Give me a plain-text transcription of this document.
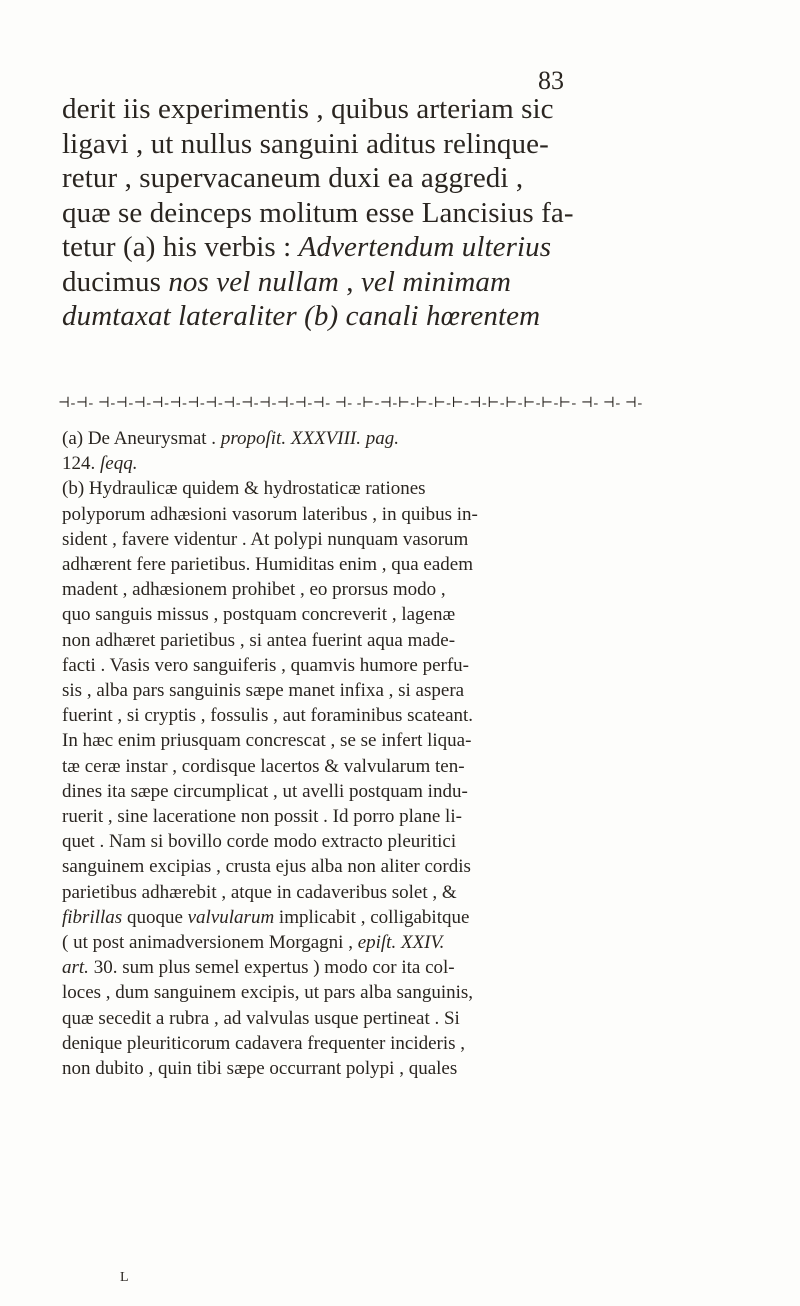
83
derit iis experimentis , quibus arteriam sic
ligavi , ut nullus sanguini aditus relinque-
retur , supervacaneum duxi ea aggredi ,
quæ se deinceps molitum esse Lancisius fa-
tetur (a) his verbis : Advertendum ulterius
ducimus nos vel nullam , vel minimam
dumtaxat lateraliter (b) canali hœrentem
⊣-⊣- ⊣-⊣-⊣-⊣-⊣-⊣-⊣-⊣-⊣-⊣-⊣-⊣-⊣- ⊣- -⊢-⊣-⊢-⊢-⊢-⊢-⊣-⊢-⊢-⊢-⊢-⊢- ⊣- ⊣- ⊣-
(a) De Aneurysmat . propoſit. XXXVIII. pag.
124. ſeqq.
(b) Hydraulicæ quidem & hydrostaticæ rationes
polyporum adhæsioni vasorum lateribus , in quibus in-
sident , favere videntur . At polypi nunquam vasorum
adhærent fere parietibus. Humiditas enim , qua eadem
madent , adhæsionem prohibet , eo prorsus modo ,
quo sanguis missus , postquam concreverit , lagenæ
non adhæret parietibus , si antea fuerint aqua made-
facti . Vasis vero sanguiferis , quamvis humore perfu-
sis , alba pars sanguinis sæpe manet infixa , si aspera
fuerint , si cryptis , fossulis , aut foraminibus scateant.
In hæc enim priusquam concrescat , se se infert liqua-
tæ ceræ instar , cordisque lacertos & valvularum ten-
dines ita sæpe circumplicat , ut avelli postquam indu-
ruerit , sine laceratione non possit . Id porro plane li-
quet . Nam si bovillo corde modo extracto pleuritici
sanguinem excipias , crusta ejus alba non aliter cordis
parietibus adhærebit , atque in cadaveribus solet , &
fibrillas quoque valvularum implicabit , colligabitque
( ut post animadversionem Morgagni , epiſt. XXIV.
art. 30. sum plus semel expertus ) modo cor ita col-
loces , dum sanguinem excipis, ut pars alba sanguinis,
quæ secedit a rubra , ad valvulas usque pertineat . Si
denique pleuriticorum cadavera frequenter incideris ,
non dubito , quin tibi sæpe occurrant polypi , quales
L
